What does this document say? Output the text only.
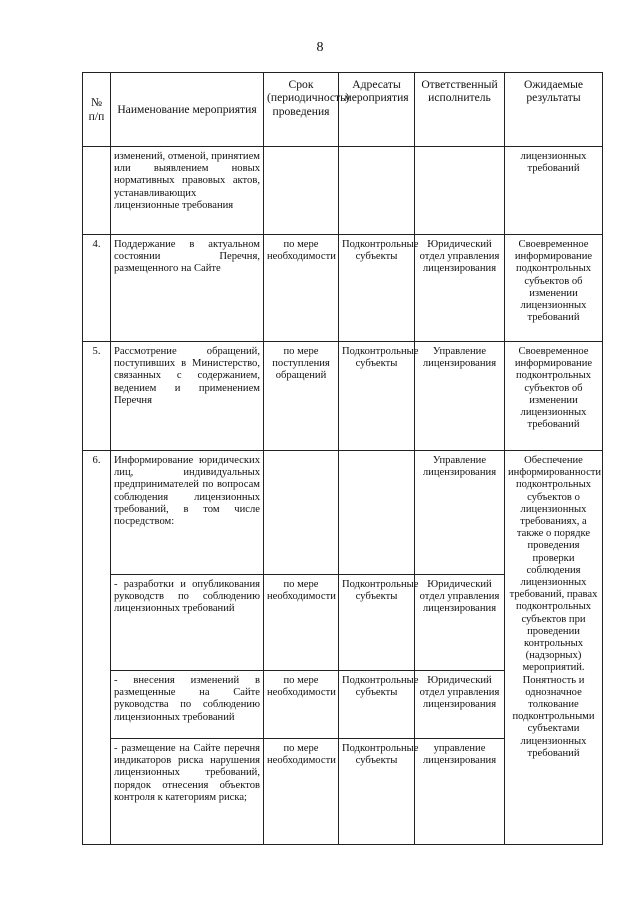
8
№ п/п	Наименование мероприятия	Срок (периодичность) проведения	Адресаты мероприятия	Ответственный исполнитель	Ожидаемые результаты
	изменений, отменой, принятием или выявлением новых нормативных правовых актов, устанавливающих лицензионные требования				лицензионных требований
4.	Поддержание в актуальном состоянии Перечня, размещенного на Сайте	по мере необходимости	Подконтрольные субъекты	Юридический отдел управления лицензирования	Своевременное информирование подконтрольных субъектов об изменении лицензионных требований
5.	Рассмотрение обращений, поступивших в Министерство, связанных с содержанием, ведением и применением Перечня	по мере поступления обращений	Подконтрольные субъекты	Управление лицензирования	Своевременное информирование подконтрольных субъектов об изменении лицензионных требований
6.	Информирование юридических лиц, индивидуальных предпринимателей по вопросам соблюдения лицензионных требований, в том числе посредством:			Управление лицензирования	Обеспечение информированности подконтрольных субъектов о лицензионных требованиях, а также о порядке проведения проверки соблюдения лицензионных требований, правах подконтрольных субъектов при проведении контрольных (надзорных) мероприятий. Понятность и однозначное толкование подконтрольными субъектами лицензионных требований
	- разработки и опубликования руководств по соблюдению лицензионных требований	по мере необходимости	Подконтрольные субъекты	Юридический отдел управления лицензирования	
	- внесения изменений в размещенные на Сайте руководства по соблюдению лицензионных требований	по мере необходимости	Подконтрольные субъекты	Юридический отдел управления лицензирования	
	- размещение на Сайте перечня индикаторов риска нарушения лицензионных требований, порядок отнесения объектов контроля к категориям риска;	по мере необходимости	Подконтрольные субъекты	управление лицензирования	
